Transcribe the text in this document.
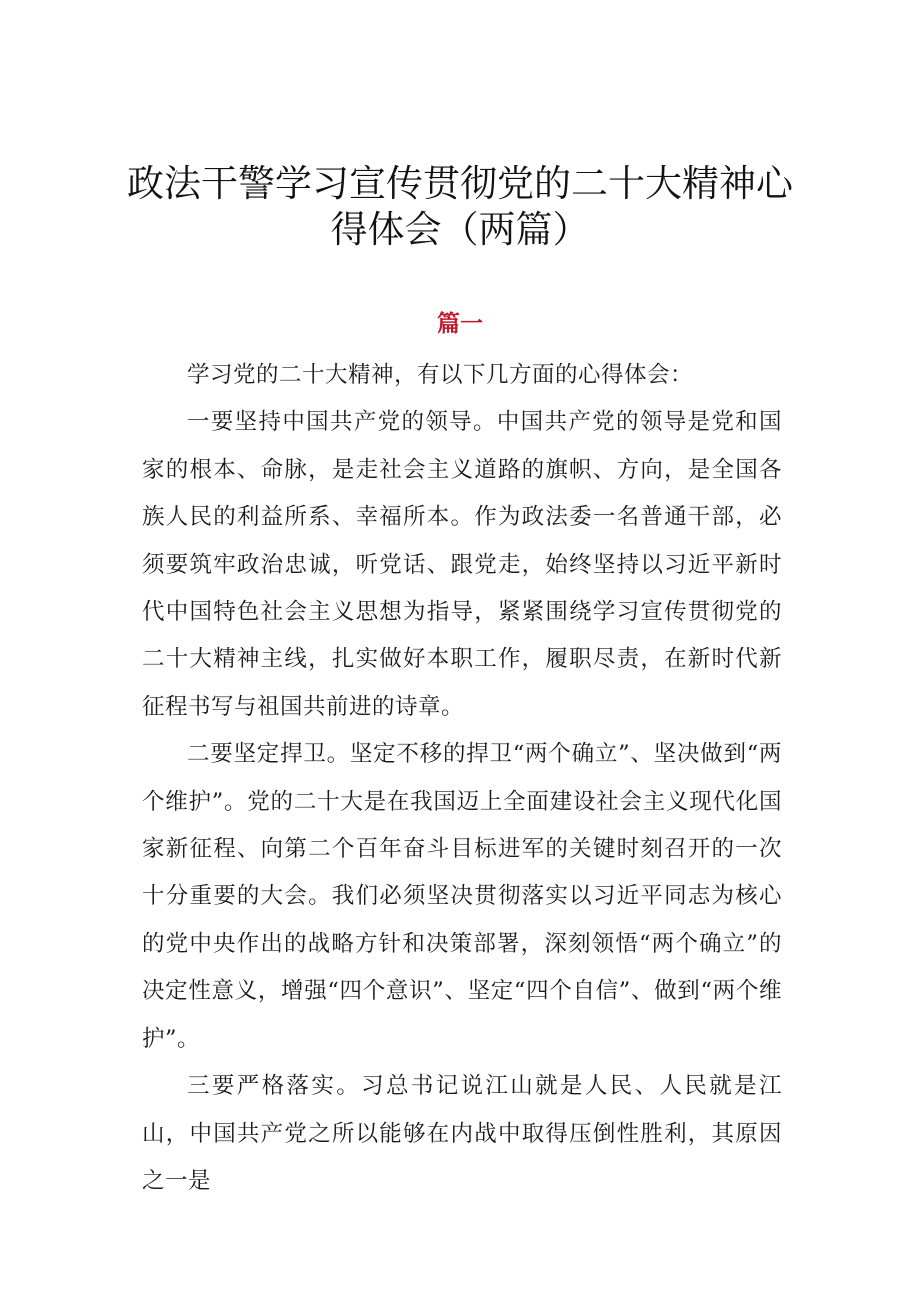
政法干警学习宣传贯彻党的二十大精神心
得体会（两篇）
篇一

学习党的二十大精神，有以下几方面的心得体会：

一要坚持中国共产党的领导。中国共产党的领导是党和国家的根本、命脉，是走社会主义道路的旗帜、方向，是全国各族人民的利益所系、幸福所本。作为政法委一名普通干部，必须要筑牢政治忠诚，听党话、跟党走，始终坚持以习近平新时代中国特色社会主义思想为指导，紧紧围绕学习宣传贯彻党的二十大精神主线，扎实做好本职工作，履职尽责，在新时代新征程书写与祖国共前进的诗章。

二要坚定捍卫。坚定不移的捍卫“两个确立”、坚决做到“两个维护”。党的二十大是在我国迈上全面建设社会主义现代化国家新征程、向第二个百年奋斗目标进军的关键时刻召开的一次十分重要的大会。我们必须坚决贯彻落实以习近平同志为核心的党中央作出的战略方针和决策部署，深刻领悟“两个确立”的决定性意义，增强“四个意识”、坚定“四个自信”、做到“两个维护”。

三要严格落实。习总书记说江山就是人民、人民就是江山，中国共产党之所以能够在内战中取得压倒性胜利，其原因之一是
